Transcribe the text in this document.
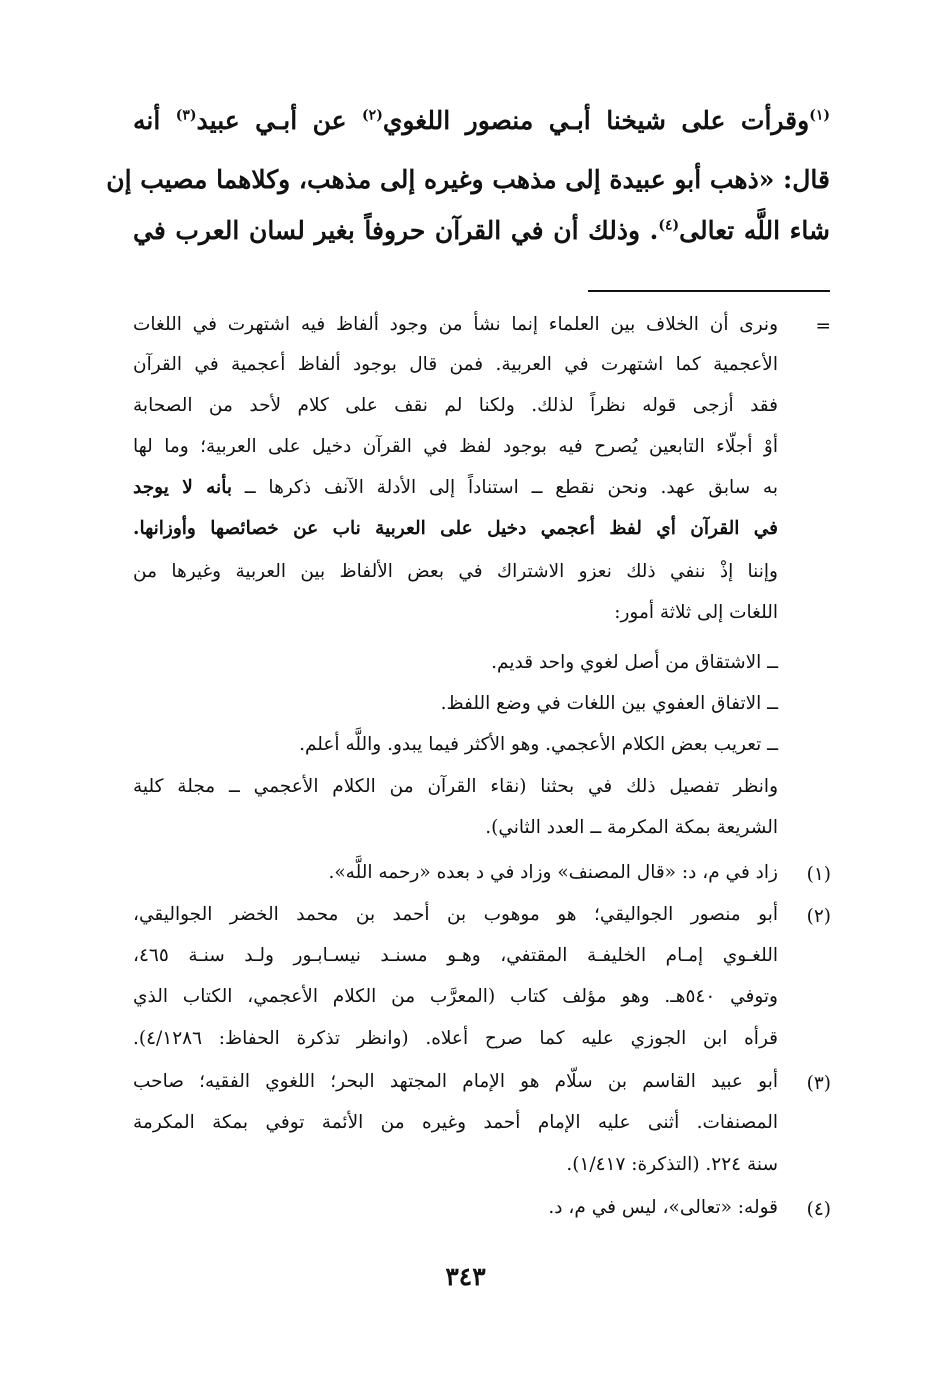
$^{(١)}$وقرأت على شيخنا أبـي منصور اللغوي$^{(٢)}$ عن أبـي عبيد$^{(٣)}$ أنه
قال: «ذهب أبو عبيدة إلى مذهب وغيره إلى مذهب، وكلاهما مصيب إن
شاء اللَّه تعالى$^{(٤)}$. وذلك أن في القرآن حروفاً بغير لسان العرب في
=
ونرى أن الخلاف بين العلماء إنما نشأ من وجود ألفاظ فيه اشتهرت في اللغات
الأعجمية كما اشتهرت في العربية. فمن قال بوجود ألفاظ أعجمية في القرآن
فقد أزجى قوله نظراً لذلك. ولكنا لم نقف على كلام لأحد من الصحابة
أوْ أجلّاء التابعين يُصرح فيه بوجود لفظ في القرآن دخيل على العربية؛ وما لها
به سابق عهد. ونحن نقطع ــ استناداً إلى الأدلة الآنف ذكرها ــ بأنه لا يوجد
في القرآن أي لفظ أعجمي دخيل على العربية ناب عن خصائصها وأوزانها.
وإننا إذْ ننفي ذلك نعزو الاشتراك في بعض الألفاظ بين العربية وغيرها من
اللغات إلى ثلاثة أمور:
ــ الاشتقاق من أصل لغوي واحد قديم.
ــ الاتفاق العفوي بين اللغات في وضع اللفظ.
ــ تعريب بعض الكلام الأعجمي. وهو الأكثر فيما يبدو. واللَّه أعلم.
وانظر تفصيل ذلك في بحثنا (نقاء القرآن من الكلام الأعجمي ــ مجلة كلية
الشريعة بمكة المكرمة ــ العدد الثاني).
(١)
زاد في م، د: «قال المصنف» وزاد في د بعده «رحمه اللَّه».
(٢)
أبو منصور الجواليقي؛ هو موهوب بن أحمد بن محمد الخضر الجواليقي،
اللغـوي إمـام الخليفـة المقتفي، وهـو مسنـد نيسـابـور ولـد سنـة ٤٦٥،
وتوفي ٥٤٠هـ. وهو مؤلف كتاب (المعرَّب من الكلام الأعجمي، الكتاب الذي
قرأه ابن الجوزي عليه كما صرح أعلاه. (وانظر تذكرة الحفاظ: ٤/١٢٨٦).
(٣)
أبو عبيد القاسم بن سلّام هو الإمام المجتهد البحر؛ اللغوي الفقيه؛ صاحب
المصنفات. أثنى عليه الإمام أحمد وغيره من الأئمة توفي بمكة المكرمة
سنة ٢٢٤. (التذكرة: ١/٤١٧).
(٤)
قوله: «تعالى»، ليس في م، د.
٣٤٣
